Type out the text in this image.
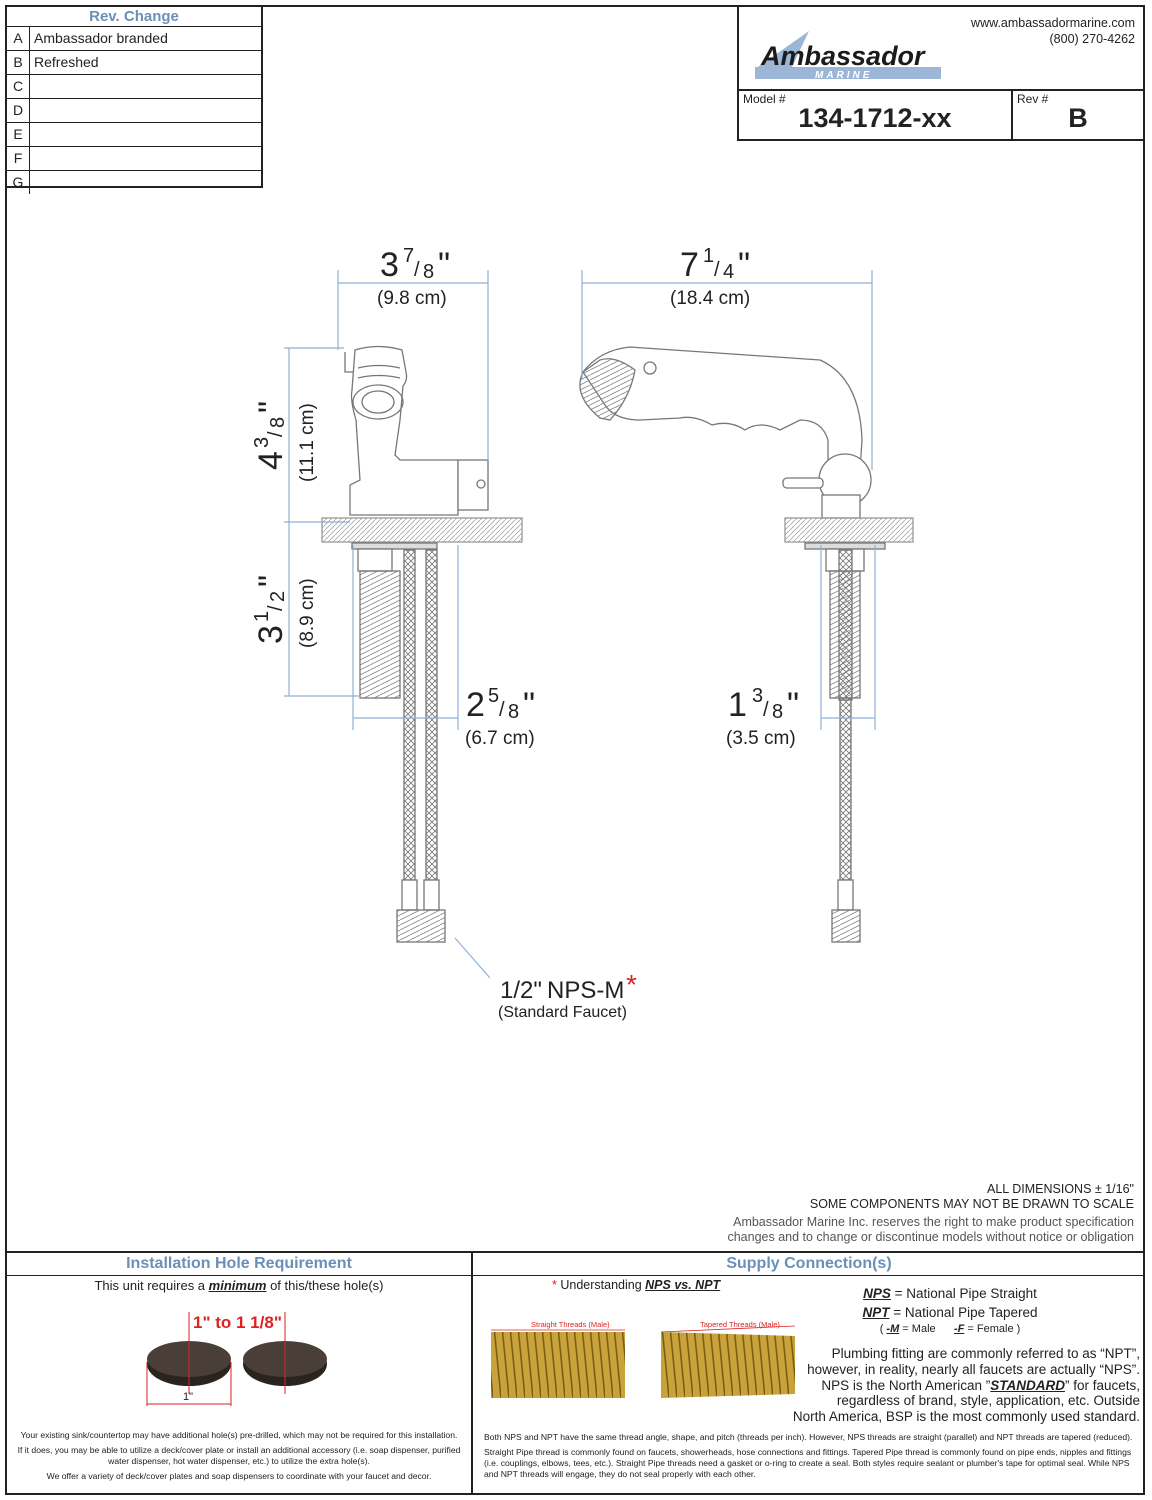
Rev. Change
A Ambassador branded
B Refreshed
C
D
E
F
G
Ambassador
MARINE
www.ambassadormarine.com
(800) 270-4262
Model #
134-1712-xx
Rev #
B
3 7
/ 8 "
(9.8 cm)
4
3
/
8
" (11.1 cm)
3
1
/
2
" (8.9 cm)
2 5
/ 8 "
(6.7 cm)
1/2" NPS-M *
(Standard Faucet)
7 1
/ 4 "
(18.4 cm)
1 3
/ 8 "
(3.5 cm)
ALL DIMENSIONS ± 1/16"
SOME COMPONENTS MAY NOT BE DRAWN TO SCALE
Ambassador Marine Inc. reserves the right to make product specification
changes and to change or discontinue models without notice or obligation
Installation Hole Requirement
This unit requires a minimum of this/these hole(s)
1" to 1 1/8"
1"
Your existing sink/countertop may have additional hole(s) pre-drilled, which may not be required for this installation.
If it does, you may be able to utilize a deck/cover plate or install an additional accessory (i.e. soap dispenser, purified water dispenser, hot water dispenser, etc.) to utilize the extra hole(s).
We offer a variety of deck/cover plates and soap dispensers to coordinate with your faucet and decor.
Supply Connection(s)
* Understanding NPS vs. NPT
Straight Threads (Male)	Tapered Threads (Male)
NPS = National Pipe Straight
NPT = National Pipe Tapered
( -M = Male -F = Female )
Plumbing fitting are commonly referred to as “NPT”,
however, in reality, nearly all faucets are actually “NPS”.
NPS is the North American ”STANDARD” for faucets,
regardless of brand, style, application, etc. Outside
North America, BSP is the most commonly used standard.
Both NPS and NPT have the same thread angle, shape, and pitch (threads per inch). However, NPS threads are straight (parallel) and NPT threads are tapered (reduced).
Straight Pipe thread is commonly found on faucets, showerheads, hose connections and fittings. Tapered Pipe thread is commonly found on pipe ends, nipples and fittings (i.e. couplings, elbows, tees, etc.). Straight Pipe threads need a gasket or o-ring to create a seal. Both styles require sealant or plumber's tape for optimal seal. While NPS and NPT threads will engage, they do not seal properly with each other.
